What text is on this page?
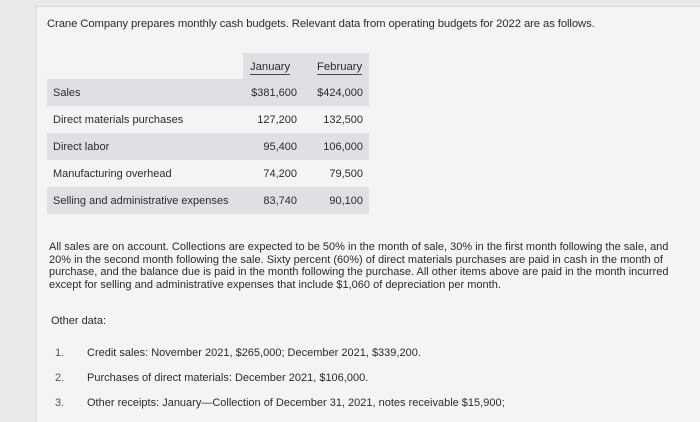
Crane Company prepares monthly cash budgets. Relevant data from operating budgets for 2022 are as follows.
January February
Sales	$381,600 $424,000
Direct materials purchases	127,200 132,500
Direct labor	95,400 106,000
Manufacturing overhead	74,200	79,500
Selling and administrative expenses	83,740	90,100
All sales are on account. Collections are expected to be 50% in the month of sale, 30% in the first month following the sale, and 20% in the second month following the sale. Sixty percent (60%) of direct materials purchases are paid in cash in the month of purchase, and the balance due is paid in the month following the purchase. All other items above are paid in the month incurred except for selling and administrative expenses that include $1,060 of depreciation per month.
Other data:
1. Credit sales: November 2021, $265,000; December 2021, $339,200.
2. Purchases of direct materials: December 2021, $106,000.
3. Other receipts: January—Collection of December 31, 2021, notes receivable $15,900;
